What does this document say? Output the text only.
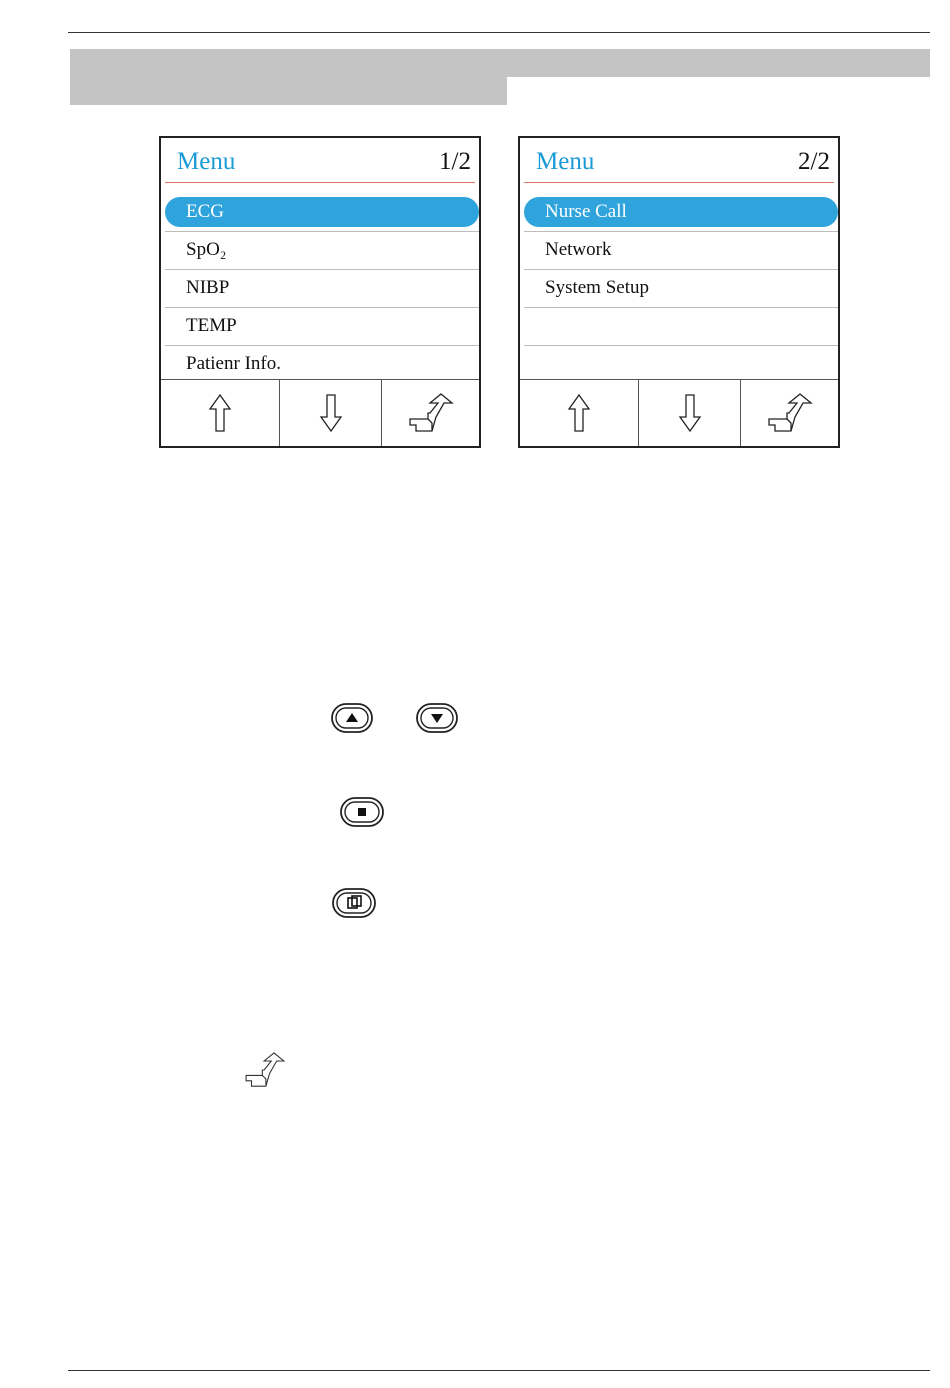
Menu	1/2
ECG
SpO₂
NIBP
TEMP
Patienr Info.
Menu	2/2
Nurse Call
Network
System Setup
